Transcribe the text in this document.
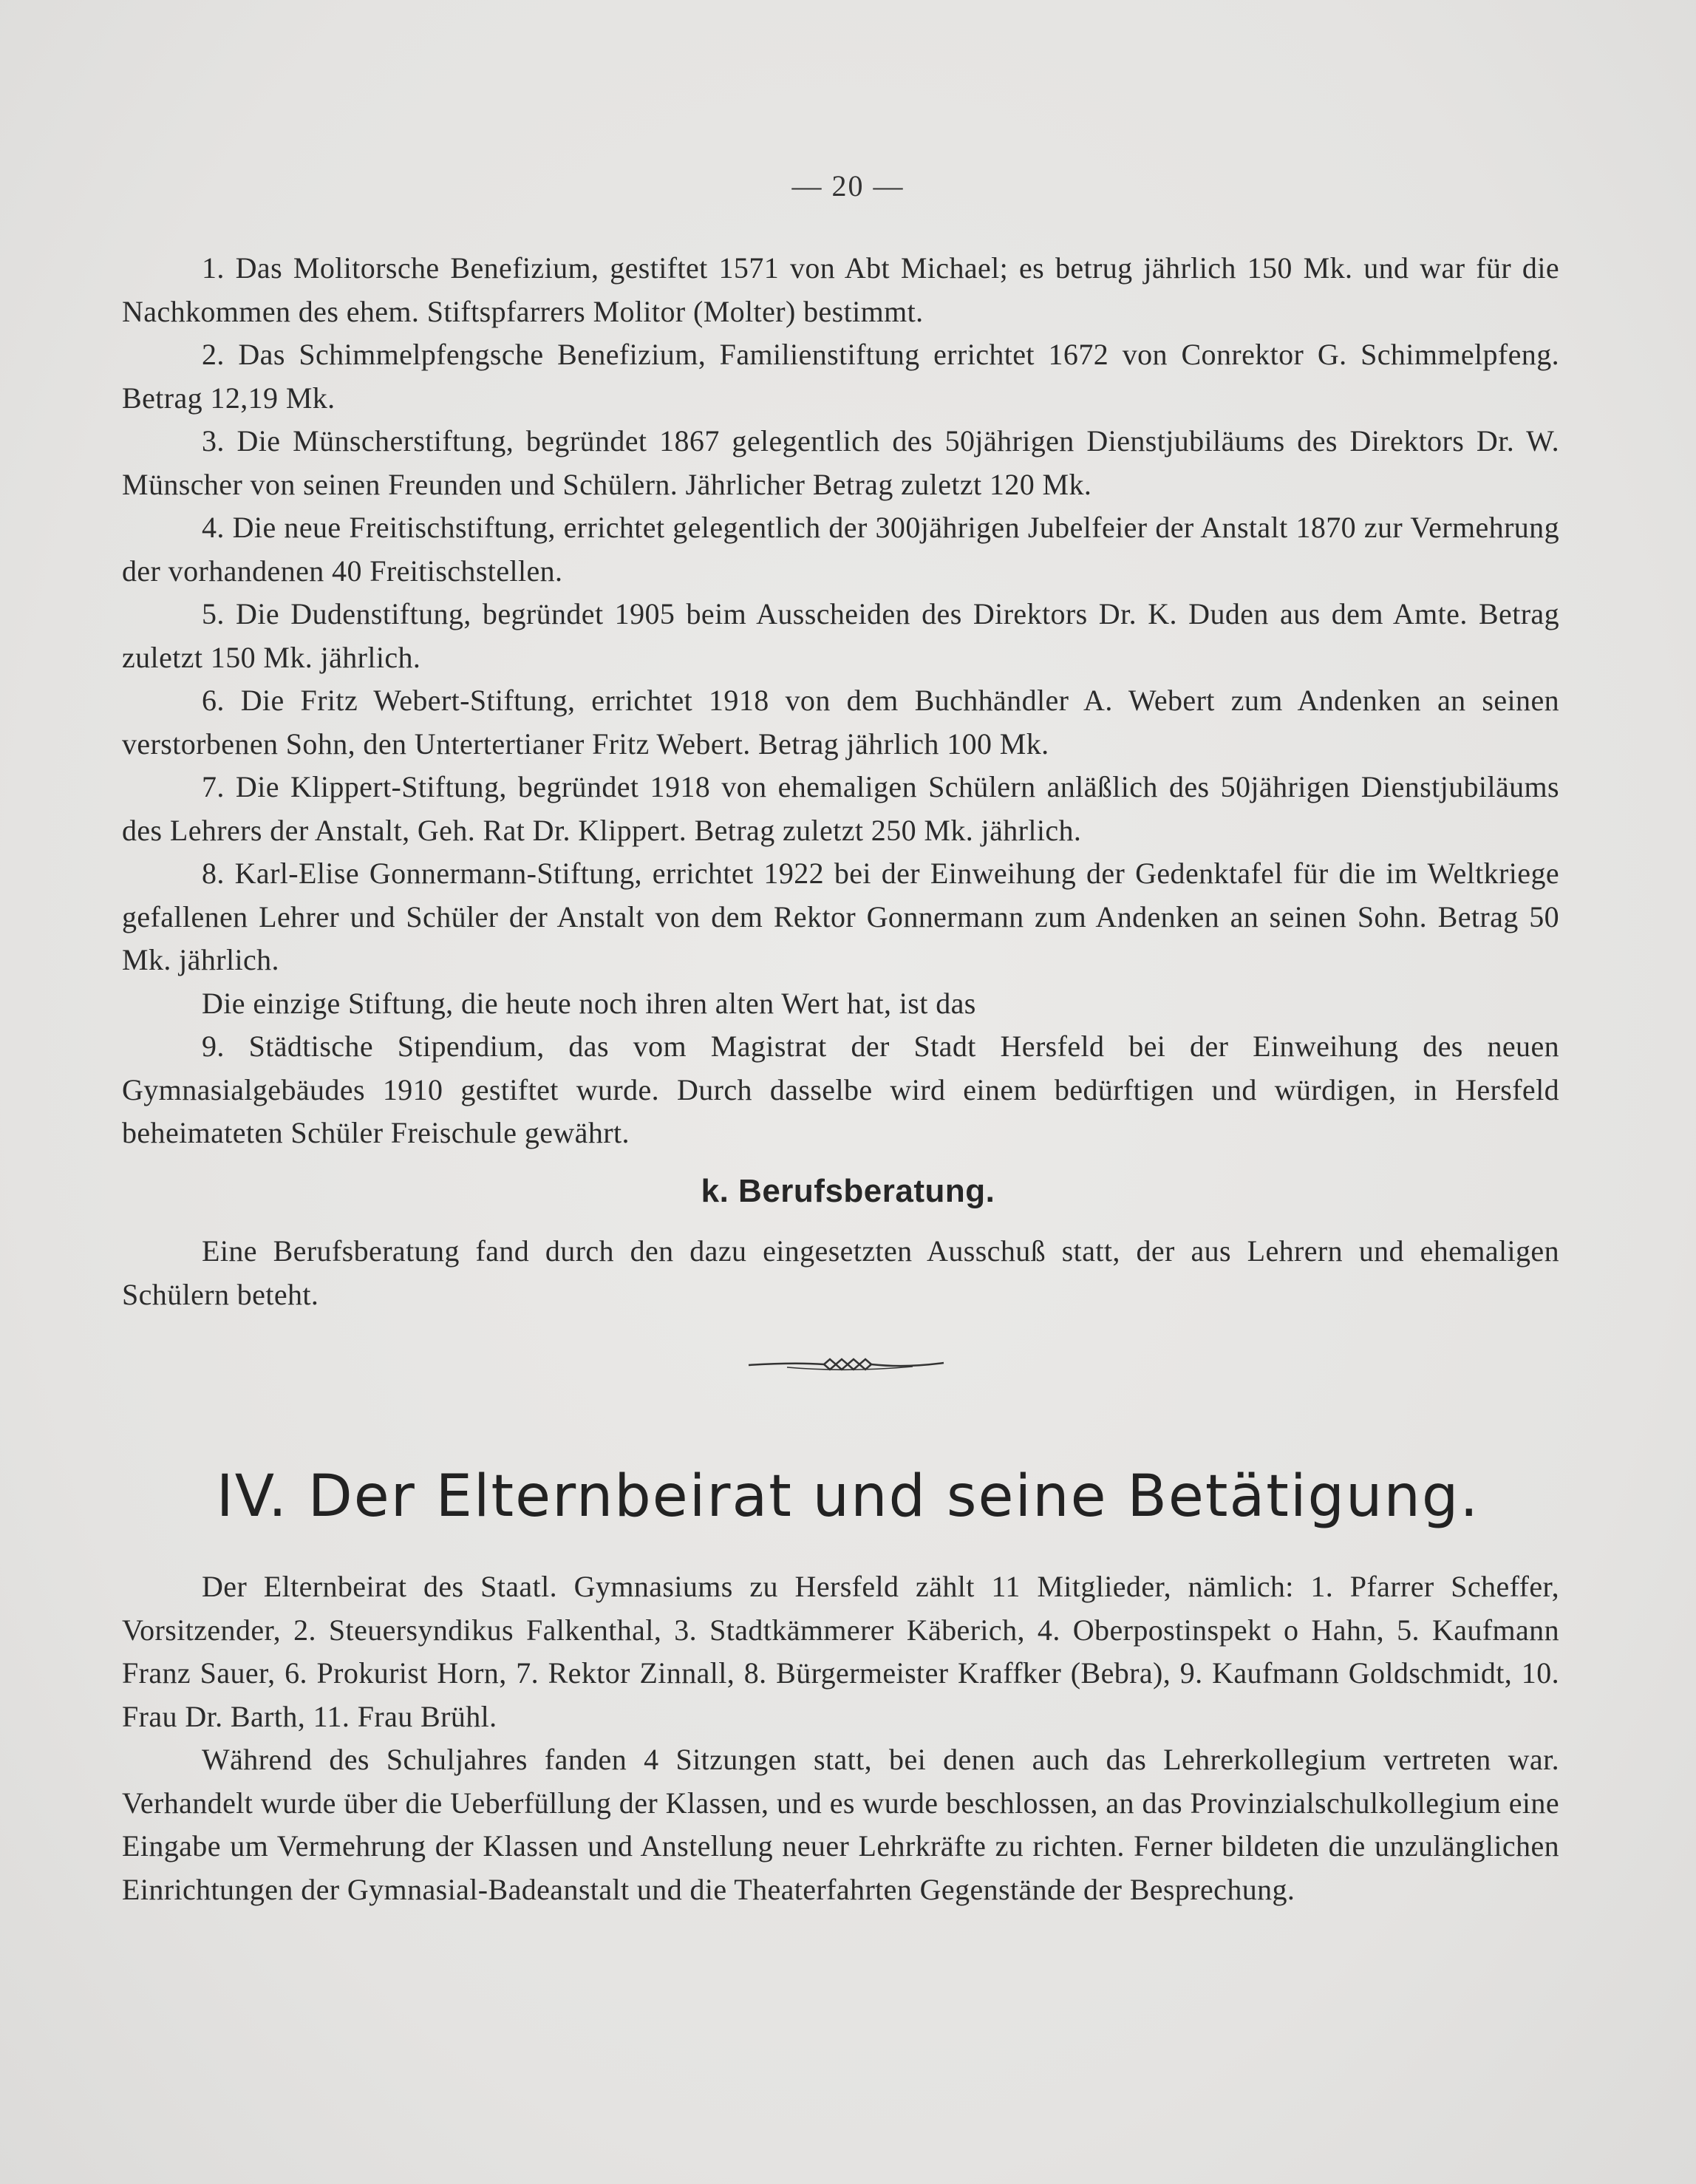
— 20 —

1. Das Molitorsche Benefizium, gestiftet 1571 von Abt Michael; es betrug jährlich 150 Mk. und war für die Nachkommen des ehem. Stiftspfarrers Molitor (Molter) bestimmt.

2. Das Schimmelpfengsche Benefizium, Familienstiftung errichtet 1672 von Conrektor G. Schimmelpfeng. Betrag 12,19 Mk.

3. Die Münscherstiftung, begründet 1867 gelegentlich des 50jährigen Dienstjubiläums des Direktors Dr. W. Münscher von seinen Freunden und Schülern. Jährlicher Betrag zuletzt 120 Mk.

4. Die neue Freitischstiftung, errichtet gelegentlich der 300jährigen Jubelfeier der Anstalt 1870 zur Vermehrung der vorhandenen 40 Freitischstellen.

5. Die Dudenstiftung, begründet 1905 beim Ausscheiden des Direktors Dr. K. Duden aus dem Amte. Betrag zuletzt 150 Mk. jährlich.

6. Die Fritz Webert-Stiftung, errichtet 1918 von dem Buchhändler A. Webert zum Andenken an seinen verstorbenen Sohn, den Untertertianer Fritz Webert. Betrag jährlich 100 Mk.

7. Die Klippert-Stiftung, begründet 1918 von ehemaligen Schülern anläßlich des 50jährigen Dienstjubiläums des Lehrers der Anstalt, Geh. Rat Dr. Klippert. Betrag zuletzt 250 Mk. jährlich.

8. Karl-Elise Gonnermann-Stiftung, errichtet 1922 bei der Einweihung der Gedenktafel für die im Weltkriege gefallenen Lehrer und Schüler der Anstalt von dem Rektor Gonnermann zum Andenken an seinen Sohn. Betrag 50 Mk. jährlich.

Die einzige Stiftung, die heute noch ihren alten Wert hat, ist das

9. Städtische Stipendium, das vom Magistrat der Stadt Hersfeld bei der Einweihung des neuen Gymnasialgebäudes 1910 gestiftet wurde. Durch dasselbe wird einem bedürftigen und würdigen, in Hersfeld beheimateten Schüler Freischule gewährt.

k. Berufsberatung.

Eine Berufsberatung fand durch den dazu eingesetzten Ausschuß statt, der aus Lehrern und ehemaligen Schülern beteht.

IV. Der Elternbeirat und seine Betätigung.

Der Elternbeirat des Staatl. Gymnasiums zu Hersfeld zählt 11 Mitglieder, nämlich: 1. Pfarrer Scheffer, Vorsitzender, 2. Steuersyndikus Falkenthal, 3. Stadtkämmerer Käberich, 4. Oberpostinspekt o Hahn, 5. Kaufmann Franz Sauer, 6. Prokurist Horn, 7. Rektor Zinnall, 8. Bürgermeister Kraffker (Bebra), 9. Kaufmann Goldschmidt, 10. Frau Dr. Barth, 11. Frau Brühl.

Während des Schuljahres fanden 4 Sitzungen statt, bei denen auch das Lehrerkollegium vertreten war. Verhandelt wurde über die Ueberfüllung der Klassen, und es wurde beschlossen, an das Provinzialschulkollegium eine Eingabe um Vermehrung der Klassen und Anstellung neuer Lehrkräfte zu richten. Ferner bildeten die unzulänglichen Einrichtungen der Gymnasial-Badeanstalt und die Theaterfahrten Gegenstände der Besprechung.
